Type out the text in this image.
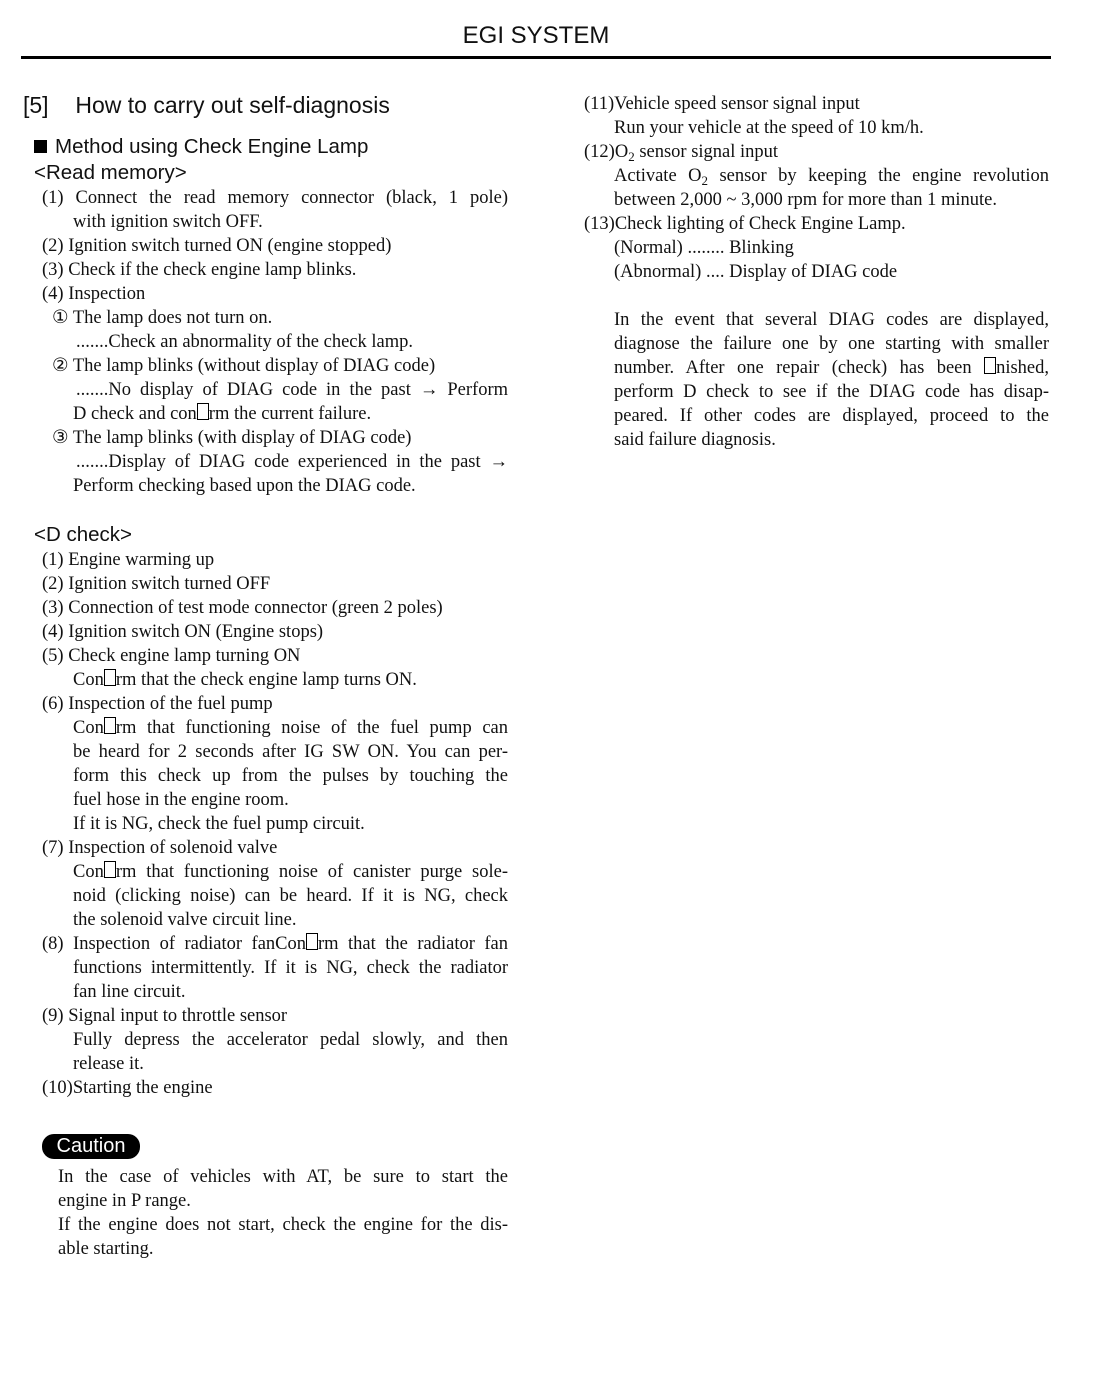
EGI SYSTEM
[5] How to carry out self-diagnosis
Method using Check Engine Lamp
<Read memory>
(1) Connect the read memory connector (black, 1 pole)
with ignition switch OFF.
(2) Ignition switch turned ON (engine stopped)
(3) Check if the check engine lamp blinks.
(4) Inspection
① The lamp does not turn on.
.......Check an abnormality of the check lamp.
② The lamp blinks (without display of DIAG code)
.......No display of DIAG code in the past → Perform
D check and con rm the current failure.
③ The lamp blinks (with display of DIAG code)
.......Display of DIAG code experienced in the past →
Perform checking based upon the DIAG code.
<D check>
(1) Engine warming up
(2) Ignition switch turned OFF
(3) Connection of test mode connector (green 2 poles)
(4) Ignition switch ON (Engine stops)
(5) Check engine lamp turning ON
Con rm that the check engine lamp turns ON.
(6) Inspection of the fuel pump
Con rm that functioning noise of the fuel pump can
be heard for 2 seconds after IG SW ON. You can per-
form this check up from the pulses by touching the
fuel hose in the engine room.
If it is NG, check the fuel pump circuit.
(7) Inspection of solenoid valve
Con rm that functioning noise of canister purge sole-
noid (clicking noise) can be heard. If it is NG, check
the solenoid valve circuit line.
(8) Inspection of radiator fanCon rm that the radiator fan
functions intermittently. If it is NG, check the radiator
fan line circuit.
(9) Signal input to throttle sensor
Fully depress the accelerator pedal slowly, and then
release it.
(10)Starting the engine
Caution
In the case of vehicles with AT, be sure to start the
engine in P range.
If the engine does not start, check the engine for the dis-
able starting.
(11)Vehicle speed sensor signal input
Run your vehicle at the speed of 10 km/h.
$(12)O_2$ sensor signal input
Activate $O_2$ sensor by keeping the engine revolution
between 2,000 ~ 3,000 rpm for more than 1 minute.
(13)Check lighting of Check Engine Lamp.
(Normal) ........ Blinking
(Abnormal) .... Display of DIAG code
In the event that several DIAG codes are displayed,
diagnose the failure one by one starting with smaller
number. After one repair (check) has been nished,
perform D check to see if the DIAG code has disap-
peared. If other codes are displayed, proceed to the
said failure diagnosis.
